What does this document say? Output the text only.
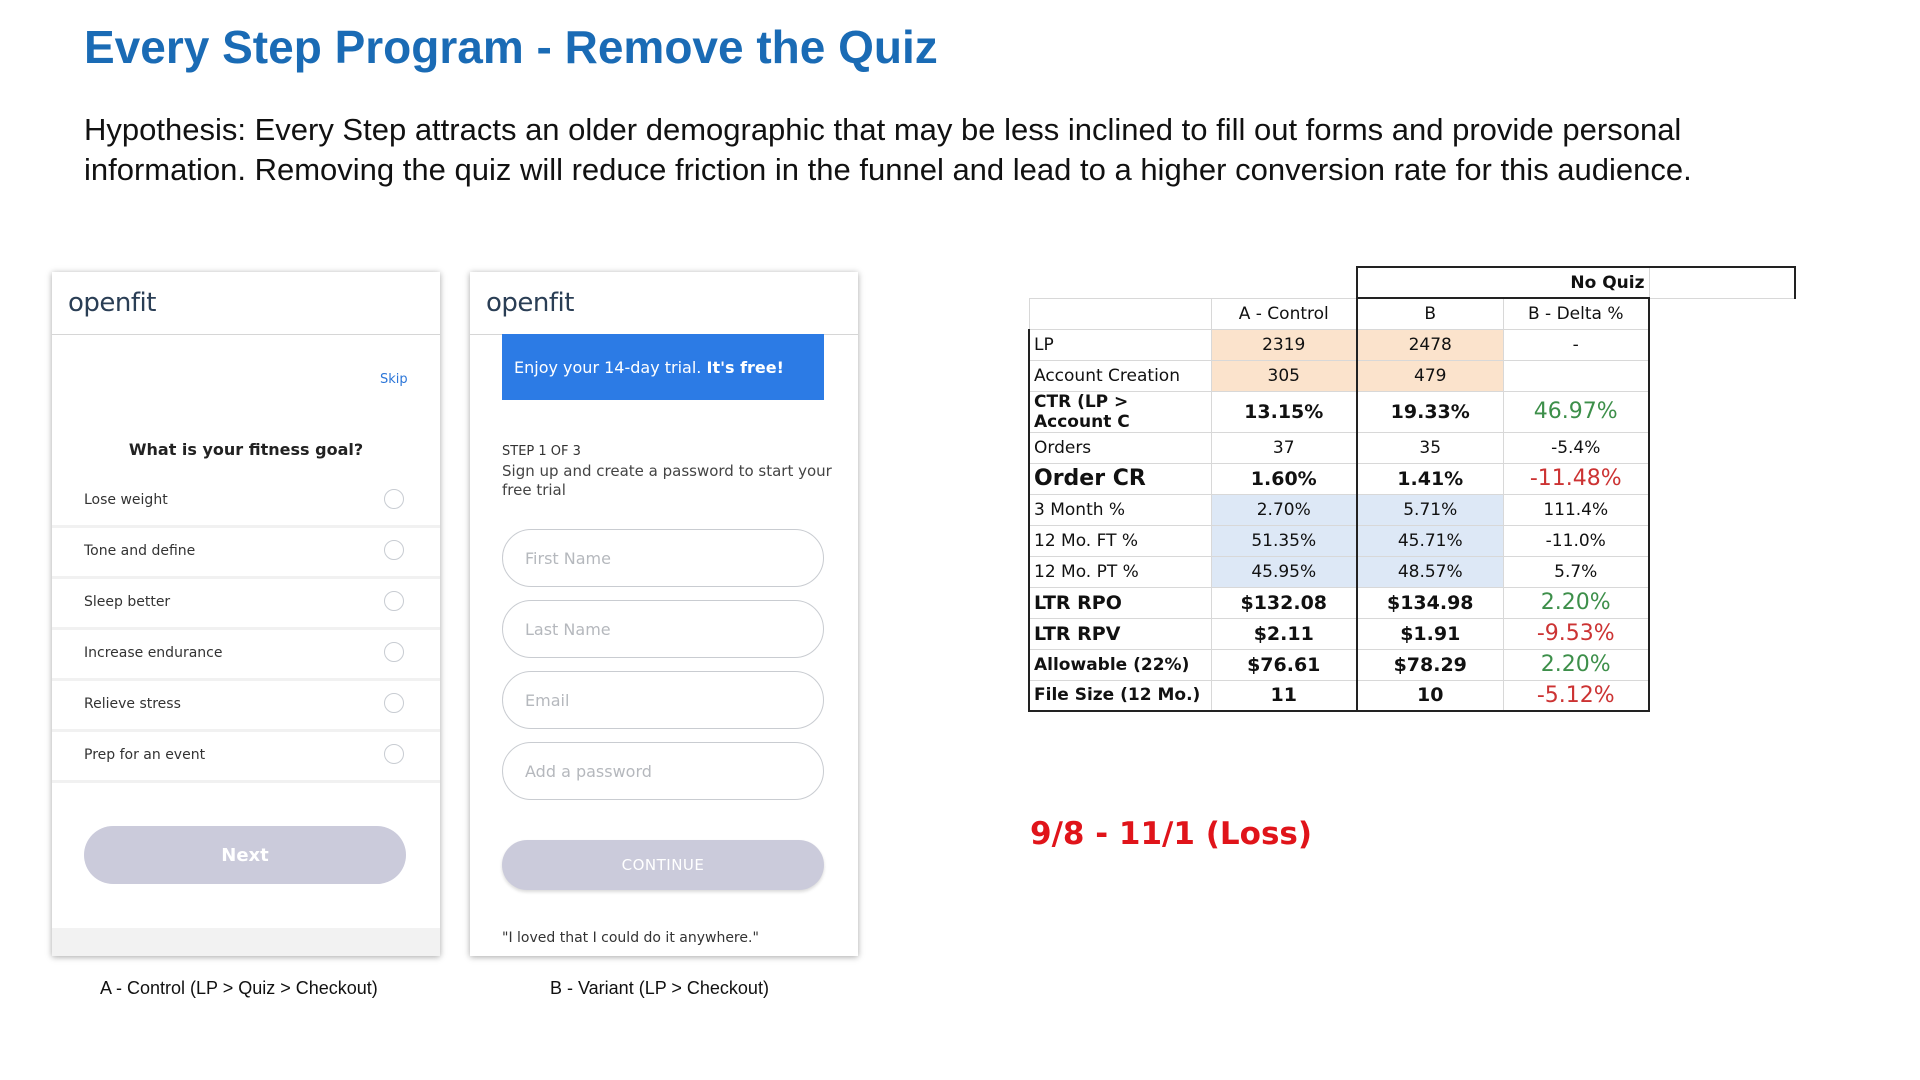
Every Step Program - Remove the Quiz

Hypothesis: Every Step attracts an older demographic that may be less inclined to fill out forms and provide personal information. Removing the quiz will reduce friction in the funnel and lead to a higher conversion rate for this audience.

openfit
Skip
What is your fitness goal?
Lose weight
Tone and define
Sleep better
Increase endurance
Relieve stress
Prep for an event
Next
A - Control (LP > Quiz > Checkout)
openfit
Enjoy your 14-day trial. It's free!
STEP 1 OF 3
Sign up and create a password to start your free trial
First Name
Last Name
Email
Add a password
CONTINUE
"I loved that I could do it anywhere."
B - Variant (LP > Checkout)
		No Quiz		
	A - Control	B	B - Delta %	
LP	2319	2478	-	
Account Creation	305	479		
CTR (LP > Account C	13.15%	19.33%	46.97%	
Orders	37	35	-5.4%	
Order CR	1.60%	1.41%	-11.48%	
3 Month %	2.70%	5.71%	111.4%	
12 Mo. FT %	51.35%	45.71%	-11.0%	
12 Mo. PT %	45.95%	48.57%	5.7%	
LTR RPO	$132.08	$134.98	2.20%	
LTR RPV	$2.11	$1.91	-9.53%	
Allowable (22%)	$76.61	$78.29	2.20%	
File Size (12 Mo.)	11	10	-5.12%	
9/8 - 11/1 (Loss)
